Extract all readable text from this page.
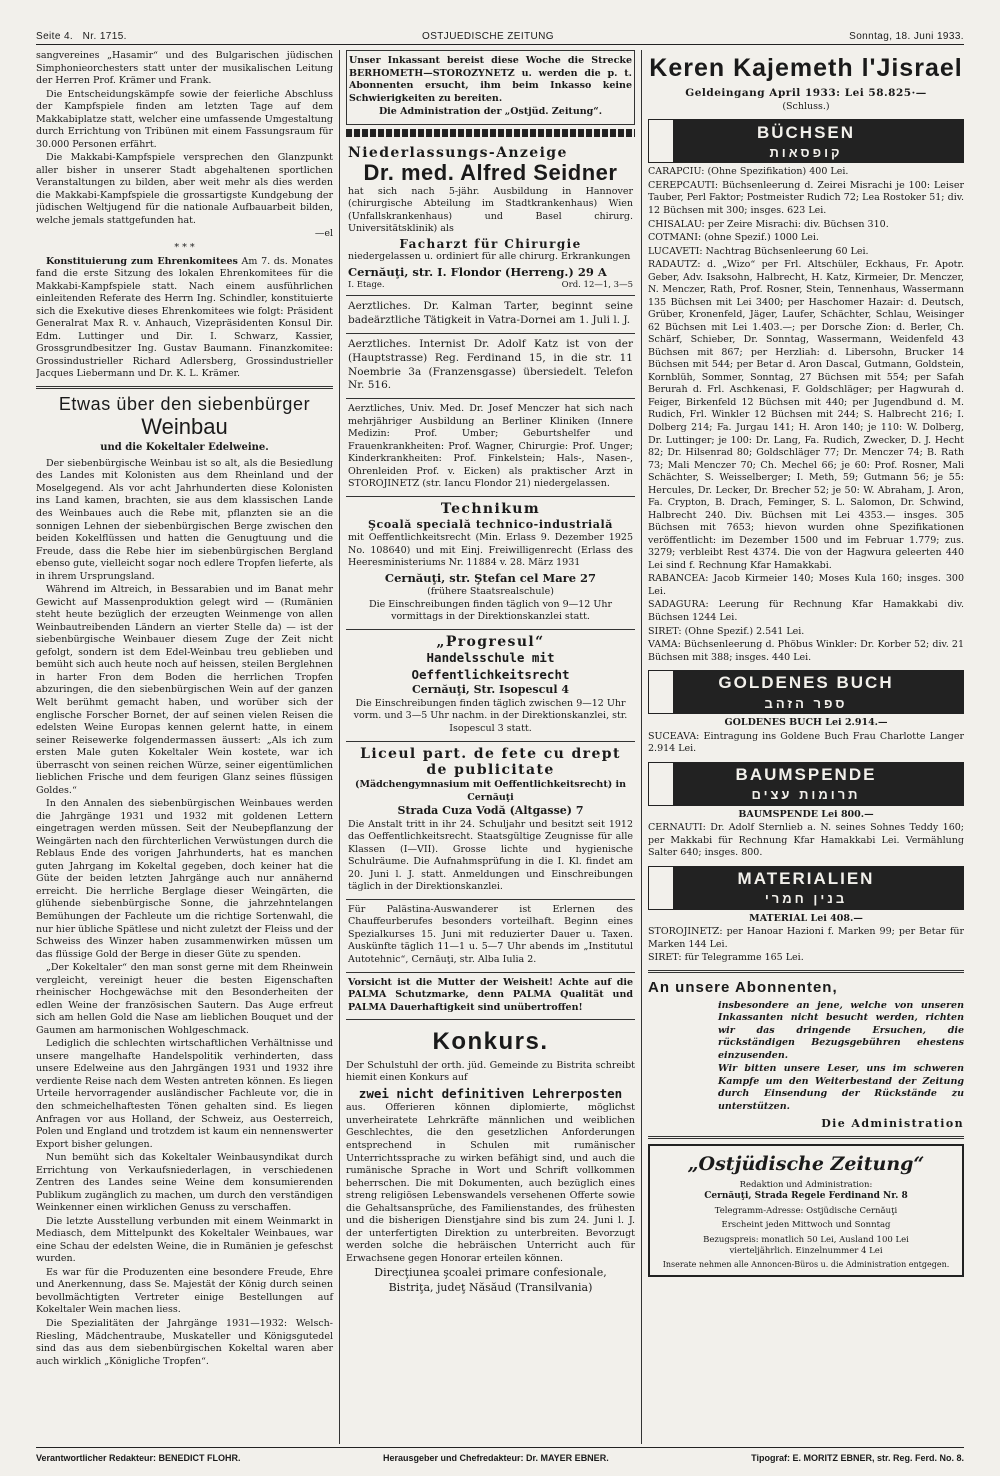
Seite 4. Nr. 1715.	OSTJUEDISCHE ZEITUNG	Sonntag, 18. Juni 1933.

sangvereines „Hasamir“ und des Bulgarischen jüdischen Simphonieorchesters statt unter der musikalischen Leitung der Herren Prof. Krämer und Frank.

Die Entscheidungskämpfe sowie der feierliche Abschluss der Kampfspiele finden am letzten Tage auf dem Makkabiplatze statt, welcher eine umfassende Umgestaltung durch Errichtung von Tribünen mit einem Fassungsraum für 30.000 Personen erfährt.

Die Makkabi-Kampfspiele versprechen den Glanzpunkt aller bisher in unserer Stadt abgehaltenen sportlichen Veranstaltungen zu bilden, aber weit mehr als dies werden die Makkabi-Kampfspiele die grossartigste Kundgebung der jüdischen Weltjugend für die nationale Aufbauarbeit bilden, welche jemals stattgefunden hat.

—el

* * *

Konstituierung zum Ehrenkomitees Am 7. ds. Monates fand die erste Sitzung des lokalen Ehrenkomitees für die Makkabi-Kampfspiele statt. Nach einem ausführlichen einleitenden Referate des Herrn Ing. Schindler, konstituierte sich die Exekutive dieses Ehrenkomitees wie folgt: Präsident Generalrat Max R. v. Anhauch, Vizepräsidenten Konsul Dir. Edm. Luttinger und Dir. I. Schwarz, Kassier, Grossgrundbesitzer Ing. Gustav Baumann. Finanzkomitee: Grossindustrieller Richard Adlersberg, Grossindustrieller Jacques Liebermann und Dr. K. L. Krämer.

Etwas über den siebenbürger
Weinbau
und die Kokeltaler Edelweine.

Der siebenbürgische Weinbau ist so alt, als die Besiedlung des Landes mit Kolonisten aus dem Rheinland und der Moselgegend. Als vor acht Jahrhunderten diese Kolonisten ins Land kamen, brachten, sie aus dem klassischen Lande des Weinbaues auch die Rebe mit, pflanzten sie an die sonnigen Lehnen der siebenbürgischen Berge zwischen den beiden Kokelflüssen und hatten die Genugtuung und die Freude, dass die Rebe hier im siebenbürgischen Bergland ebenso gute, vielleicht sogar noch edlere Tropfen lieferte, als in ihrem Ursprungsland.

Während im Altreich, in Bessarabien und im Banat mehr Gewicht auf Massenproduktion gelegt wird — (Rumänien steht heute bezüglich der erzeugten Weinmenge von allen Weinbautreibenden Ländern an vierter Stelle da) — ist der siebenbürgische Weinbauer diesem Zuge der Zeit nicht gefolgt, sondern ist dem Edel-Weinbau treu geblieben und bemüht sich auch heute noch auf heissen, steilen Berglehnen in harter Fron dem Boden die herrlichen Tropfen abzuringen, die den siebenbürgischen Wein auf der ganzen Welt berühmt gemacht haben, und worüber sich der englische Forscher Bornet, der auf seinen vielen Reisen die edelsten Weine Europas kennen gelernt hatte, in einem seiner Reisewerke folgendermassen äussert: „Als ich zum ersten Male guten Kokeltaler Wein kostete, war ich überrascht von seinen reichen Würze, seiner eigentümlichen lieblichen Frische und dem feurigen Glanz seines flüssigen Goldes.“

In den Annalen des siebenbürgischen Weinbaues werden die Jahrgänge 1931 und 1932 mit goldenen Lettern eingetragen werden müssen. Seit der Neubepflanzung der Weingärten nach den fürchterlichen Verwüstungen durch die Reblaus Ende des vorigen Jahrhunderts, hat es manchen guten Jahrgang im Kokeltal gegeben, doch keiner hat die Güte der beiden letzten Jahrgänge auch nur annähernd erreicht. Die herrliche Berglage dieser Weingärten, die glühende siebenbürgische Sonne, die jahrzehntelangen Bemühungen der Fachleute um die richtige Sortenwahl, die nur hier übliche Spätlese und nicht zuletzt der Fleiss und der Schweiss des Winzer haben zusammenwirken müssen um das flüssige Gold der Berge in dieser Güte zu spenden.

„Der Kokeltaler“ den man sonst gerne mit dem Rheinwein vergleicht, vereinigt heuer die besten Eigenschaften rheinischer Hochgewächse mit den Besonderheiten der edlen Weine der französischen Sautern. Das Auge erfreut sich am hellen Gold die Nase am lieblichen Bouquet und der Gaumen am harmonischen Wohlgeschmack.

Lediglich die schlechten wirtschaftlichen Verhältnisse und unsere mangelhafte Handelspolitik verhinderten, dass unsere Edelweine aus den Jahrgängen 1931 und 1932 ihre verdiente Reise nach dem Westen antreten können. Es liegen Urteile hervorragender ausländischer Fachleute vor, die in den schmeichelhaftesten Tönen gehalten sind. Es liegen Anfragen vor aus Holland, der Schweiz, aus Oesterreich, Polen und England und trotzdem ist kaum ein nennenswerter Export bisher gelungen.

Nun bemüht sich das Kokeltaler Weinbausyndikat durch Errichtung von Verkaufsniederlagen, in verschiedenen Zentren des Landes seine Weine dem konsumierenden Publikum zugänglich zu machen, um durch den verständigen Weinkenner einen wirklichen Genuss zu verschaffen.

Die letzte Ausstellung verbunden mit einem Weinmarkt in Mediasch, dem Mittelpunkt des Kokeltaler Weinbaues, war eine Schau der edelsten Weine, die in Rumänien je gefeschst wurden.

Es war für die Produzenten eine besondere Freude, Ehre und Anerkennung, dass Se. Majestät der König durch seinen bevollmächtigten Vertreter einige Bestellungen auf Kokeltaler Wein machen liess.

Die Spezialitäten der Jahrgänge 1931—1932: Welsch-Riesling, Mädchentraube, Muskateller und Königsgutedel sind das aus dem siebenbürgischen Kokeltal waren aber auch wirklich „Königliche Tropfen“.

Unser Inkassant bereist diese Woche die Strecke BERHOMETH—STOROZYNETZ u. werden die p. t. Abonnenten ersucht, ihm beim Inkasso keine Schwierigkeiten zu bereiten.

Die Administration der „Ostjüd. Zeitung“.

Niederlassungs-Anzeige
Dr. med. Alfred Seidner

hat sich nach 5-jähr. Ausbildung in Hannover (chirurgische Abteilung im Stadtkrankenhaus) Wien (Unfallskrankenhaus) und Basel chirurg. Universitätsklinik) als

Facharzt für Chirurgie

niedergelassen u. ordiniert für alle chirurg. Erkrankungen

Cernăuţi, str. I. Flondor (Herreng.) 29 A
I. Etage.	Ord. 12—1, 3—5

Aerztliches. Dr. Kalman Tarter, beginnt seine badeärztliche Tätigkeit in Vatra-Dornei am 1. Juli l. J.

Aerztliches. Internist Dr. Adolf Katz ist von der (Hauptstrasse) Reg. Ferdinand 15, in die str. 11 Noembrie 3a (Franzensgasse) übersiedelt. Telefon Nr. 516.

Aerztliches, Univ. Med. Dr. Josef Menczer hat sich nach mehrjähriger Ausbildung an Berliner Kliniken (Innere Medizin: Prof. Umber; Geburtshelfer und Frauenkrankheiten: Prof. Wagner, Chirurgie: Prof. Unger; Kinderkrankheiten: Prof. Finkelstein; Hals-, Nasen-, Ohrenleiden Prof. v. Eicken) als praktischer Arzt in STOROJINETZ (str. Iancu Flondor 21) niedergelassen.

Technikum
Şcoală specială technico-industrială

mit Oeffentlichkeitsrecht (Min. Erlass 9. Dezember 1925 No. 108640) und mit Einj. Freiwilligenrecht (Erlass des Heeresministeriums Nr. 11884 v. 28. März 1931

Cernăuţi, str. Ştefan cel Mare 27
(frühere Staatsrealschule)

Die Einschreibungen finden täglich von 9—12 Uhr vormittags in der Direktionskanzlei statt.

„Progresul“
Handelsschule mit Oeffentlichkeitsrecht
Cernăuţi, Str. Isopescul 4

Die Einschreibungen finden täglich zwischen 9—12 Uhr vorm. und 3—5 Uhr nachm. in der Direktionskanzlei, str. Isopescul 3 statt.

Liceul part. de fete cu drept de publicitate
(Mädchengymnasium mit Oeffentlichkeitsrecht) in Cernăuţi
Strada Cuza Vodă (Altgasse) 7

Die Anstalt tritt in ihr 24. Schuljahr und besitzt seit 1912 das Oeffentlichkeitsrecht. Staatsgültige Zeugnisse für alle Klassen (I—VII). Grosse lichte und hygienische Schulräume. Die Aufnahmsprüfung in die I. Kl. findet am 20. Juni l. J. statt. Anmeldungen und Einschreibungen täglich in der Direktionskanzlei.

Für Palästina-Auswanderer ist Erlernen des Chauffeurberufes besonders vorteilhaft. Beginn eines Spezialkurses 15. Juni mit reduzierter Dauer u. Taxen. Auskünfte täglich 11—1 u. 5—7 Uhr abends im „Institutul Autotehnic“, Cernăuţi, str. Alba Iulia 2.

Vorsicht ist die Mutter der Weisheit! Achte auf die PALMA Schutzmarke, denn PALMA Qualität und PALMA Dauerhaftigkeit sind unübertroffen!

Konkurs.

Der Schulstuhl der orth. jüd. Gemeinde zu Bistrita schreibt hiemit einen Konkurs auf

zwei nicht definitiven Lehrerposten

aus. Offerieren können diplomierte, möglichst unverheiratete Lehrkräfte männlichen und weiblichen Geschlechtes, die den gesetzlichen Anforderungen entsprechend in Schulen mit rumänischer Unterrichtssprache zu wirken befähigt sind, und auch die rumänische Sprache in Wort und Schrift vollkommen beherrschen. Die mit Dokumenten, auch bezüglich eines streng religiösen Lebenswandels versehenen Offerte sowie die Gehaltsansprüche, des Familienstandes, des frühesten und die bisherigen Dienstjahre sind bis zum 24. Juni l. J. der unterfertigten Direktion zu unterbreiten. Bevorzugt werden solche die hebräischen Unterricht auch für Erwachsene gegen Honorar erteilen können.

Direcţiunea şcoalei primare confesionale,
Bistriţa, judeţ Năsăud (Transilvania)
Keren Kajemeth l'Jisrael
Geldeingang April 1933: Lei 58.825·—
(Schluss.)
BÜCHSEN
קופסאות

CARAPCIU: (Ohne Spezifikation) 400 Lei.

CEREPCAUTI: Büchsenleerung d. Zeirei Misrachi je 100: Leiser Tauber, Perl Faktor; Postmeister Rudich 72; Lea Rostoker 51; div. 12 Büchsen mit 300; insges. 623 Lei.

CHISALAU: per Zeire Misrachi: div. Büchsen 310.

COTMANI: (ohne Spezif.) 1000 Lei.

LUCAVETI: Nachtrag Büchsenleerung 60 Lei.

RADAUTZ: d. „Wizo“ per Frl. Altschüler, Eckhaus, Fr. Apotr. Geber, Adv. Isaksohn, Halbrecht, H. Katz, Kirmeier, Dr. Menczer, N. Menczer, Rath, Prof. Rosner, Stein, Tennenhaus, Wassermann 135 Büchsen mit Lei 3400; per Haschomer Hazair: d. Deutsch, Grüber, Kronenfeld, Jäger, Laufer, Schächter, Schlau, Weisinger 62 Büchsen mit Lei 1.403.—; per Dorsche Zion: d. Berler, Ch. Schärf, Schieber, Dr. Sonntag, Wassermann, Weidenfeld 43 Büchsen mit 867; per Herzliah: d. Libersohn, Brucker 14 Büchsen mit 544; per Betar d. Aron Dascal, Gutmann, Goldstein, Kornblüh, Sommer, Sonntag, 27 Büchsen mit 554; per Safah Berurah d. Frl. Aschkenasi, F. Goldschläger; per Hagwurah d. Feiger, Birkenfeld 12 Büchsen mit 440; per Jugendbund d. M. Rudich, Frl. Winkler 12 Büchsen mit 244; S. Halbrecht 216; I. Dolberg 214; Fa. Jurgau 141; H. Aron 140; je 110: W. Dolberg, Dr. Luttinger; je 100: Dr. Lang, Fa. Rudich, Zwecker, D. J. Hecht 82; Dr. Hilsenrad 80; Goldschläger 77; Dr. Menczer 74; B. Rath 73; Mali Menczer 70; Ch. Mechel 66; je 60: Prof. Rosner, Mali Schächter, S. Weisselberger; I. Meth, 59; Gutmann 56; je 55: Hercules, Dr. Lecker, Dr. Brecher 52; je 50: W. Abraham, J. Aron, Fa. Crypton, B. Drach, Feminger, S. L. Salomon, Dr. Schwind, Halbrecht 240. Div. Büchsen mit Lei 4353.— insges. 305 Büchsen mit 7653; hievon wurden ohne Spezifikationen veröffentlicht: im Dezember 1500 und im Februar 1.779; zus. 3279; verbleibt Rest 4374. Die von der Hagwura geleerten 440 Lei sind f. Rechnung Kfar Hamakkabi.

RABANCEA: Jacob Kirmeier 140; Moses Kula 160; insges. 300 Lei.

SADAGURA: Leerung für Rechnung Kfar Hamakkabi div. Büchsen 1244 Lei.

SIRET: (Ohne Spezif.) 2.541 Lei.

VAMA: Büchsenleerung d. Phöbus Winkler: Dr. Korber 52; div. 21 Büchsen mit 388; insges. 440 Lei.

GOLDENES BUCH
ספר הזהב

GOLDENES BUCH Lei 2.914.—

SUCEAVA: Eintragung ins Goldene Buch Frau Charlotte Langer 2.914 Lei.

BAUMSPENDE
תרומות עצים

BAUMSPENDE Lei 800.—

CERNAUTI: Dr. Adolf Sternlieb a. N. seines Sohnes Teddy 160; per Makkabi für Rechnung Kfar Hamakkabi Lei. Vermählung Salter 640; insges. 800.

MATERIALIEN
בנין חמרי

MATERIAL Lei 408.—

STOROJINETZ: per Hanoar Hazioni f. Marken 99; per Betar für Marken 144 Lei.

SIRET: für Telegramme 165 Lei.

An unsere Abonnenten,

insbesondere an jene, welche von unseren Inkassanten nicht besucht werden, richten wir das dringende Ersuchen, die rückständigen Bezugsgebühren ehestens einzusenden.

Wir bitten unsere Leser, uns im schweren Kampfe um den Weiterbestand der Zeitung durch Einsendung der Rückstände zu unterstützen.

Die Administration
„Ostjüdische Zeitung“
Redaktion und Administration:
Cernăuţi, Strada Regele Ferdinand Nr. 8
Telegramm-Adresse: Ostjüdische Cernăuţi
Erscheint jeden Mittwoch und Sonntag
Bezugspreis: monatlich 50 Lei, Ausland 100 Lei
vierteljährlich. Einzelnummer 4 Lei
Inserate nehmen alle Annoncen-Büros u. die Administration entgegen.
Verantwortlicher Redakteur: BENEDICT FLOHR.	Herausgeber und Chefredakteur: Dr. MAYER EBNER.	Tipograf: E. MORITZ EBNER, str. Reg. Ferd. No. 8.
